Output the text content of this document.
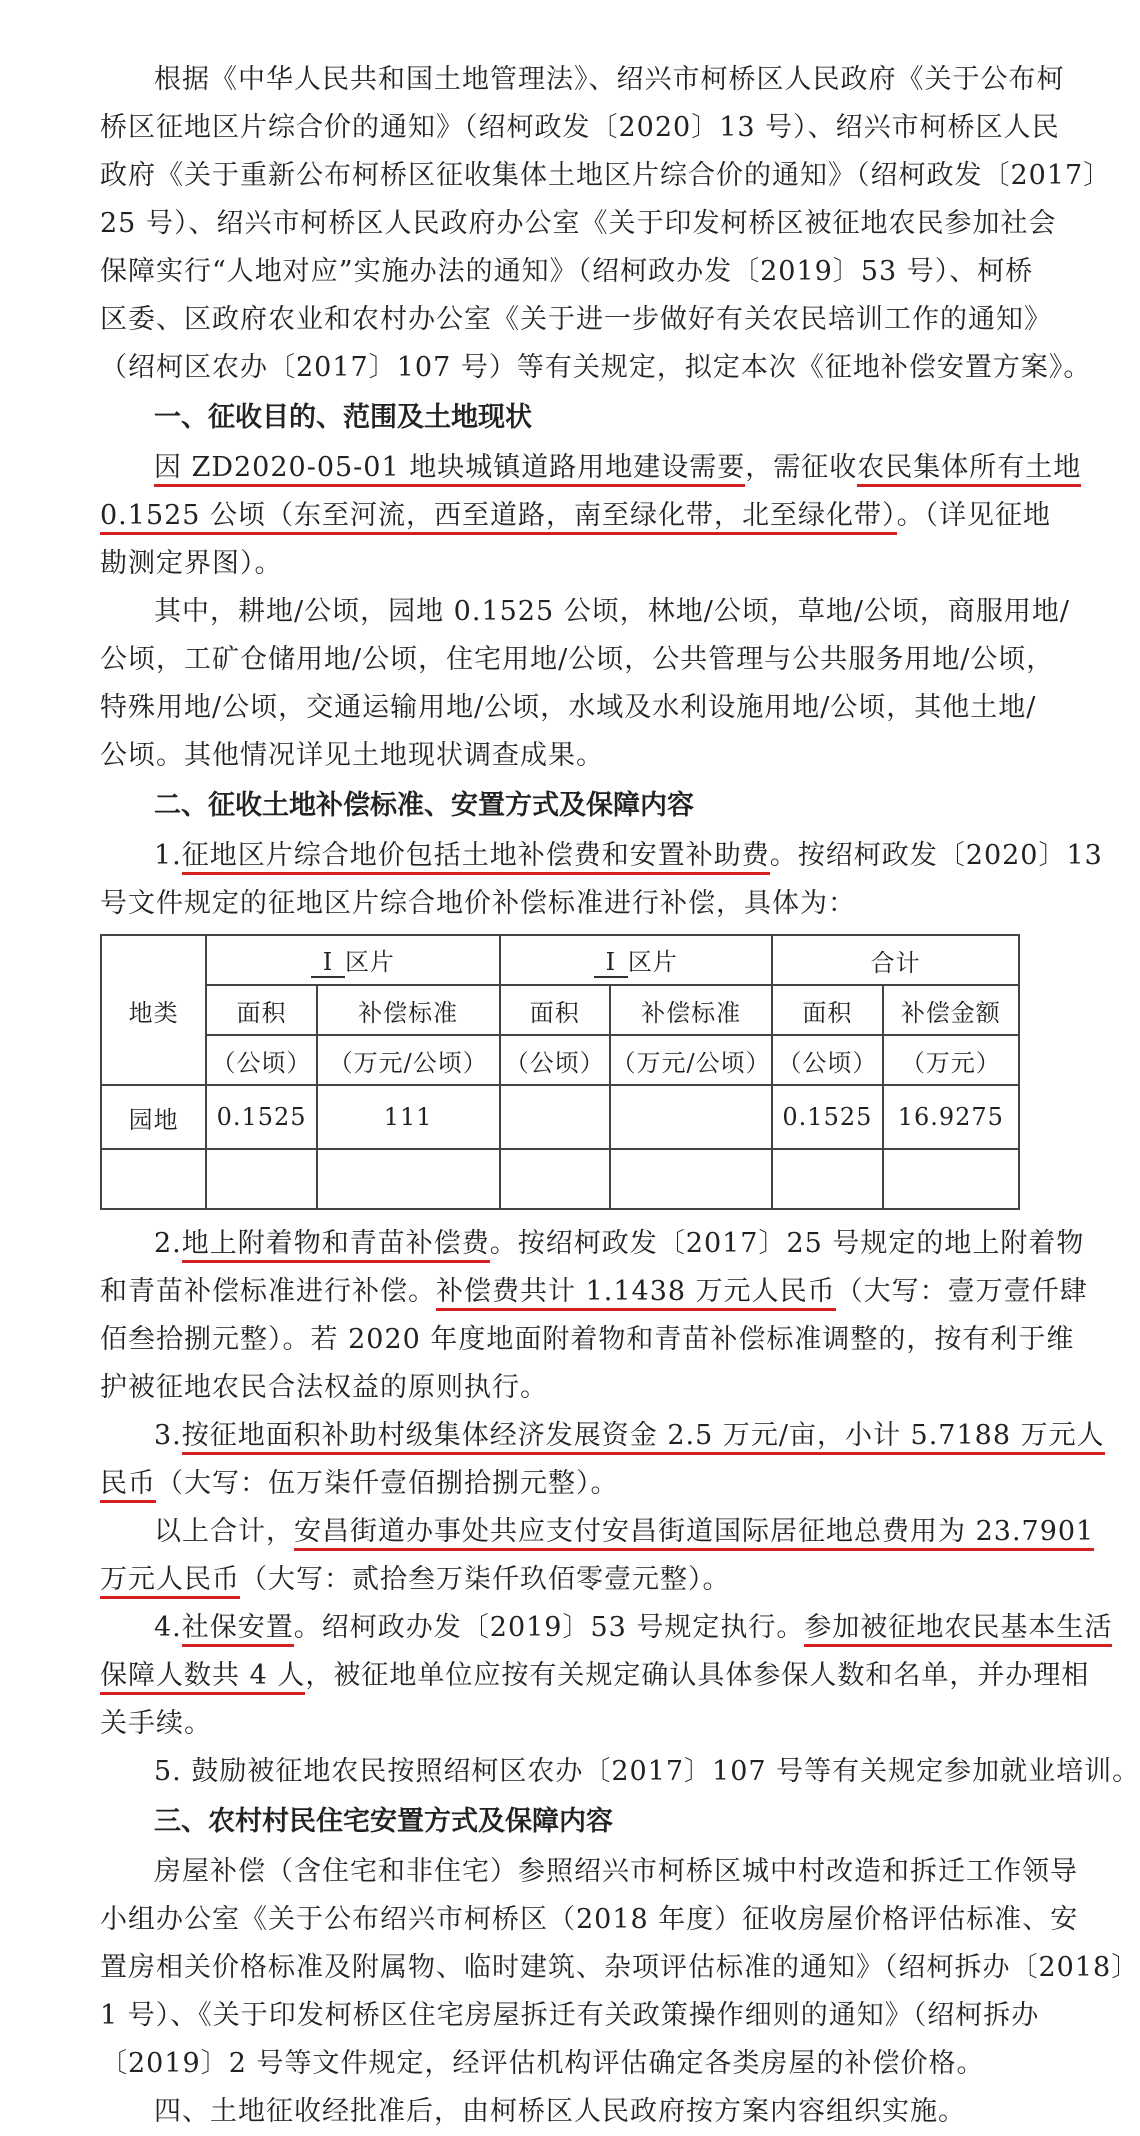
根据《中华人民共和国土地管理法》、绍兴市柯桥区人民政府《关于公布柯

桥区征地区片综合价的通知》（绍柯政发〔2020〕13 号）、绍兴市柯桥区人民

政府《关于重新公布柯桥区征收集体土地区片综合价的通知》（绍柯政发〔2017〕

25 号）、绍兴市柯桥区人民政府办公室《关于印发柯桥区被征地农民参加社会

保障实行“人地对应”实施办法的通知》（绍柯政办发〔2019〕53 号）、柯桥

区委、区政府农业和农村办公室《关于进一步做好有关农民培训工作的通知》

（绍柯区农办〔2017〕107 号）等有关规定，拟定本次《征地补偿安置方案》。

一、征收目的、范围及土地现状

因 ZD2020-05-01 地块城镇道路用地建设需要，需征收农民集体所有土地

0.1525 公顷（东至河流，西至道路，南至绿化带，北至绿化带）。（详见征地

勘测定界图）。

其中，耕地/公顷，园地 0.1525 公顷，林地/公顷，草地/公顷，商服用地/

公顷，工矿仓储用地/公顷，住宅用地/公顷，公共管理与公共服务用地/公顷，

特殊用地/公顷，交通运输用地/公顷，水域及水利设施用地/公顷，其他土地/

公顷。其他情况详见土地现状调查成果。

二、征收土地补偿标准、安置方式及保障内容

1.征地区片综合地价包括土地补偿费和安置补助费。按绍柯政发〔2020〕13

号文件规定的征地区片综合地价补偿标准进行补偿，具体为：

地类	I 区片		I 区片		合计	
	面积	补偿标准	面积	补偿标准	面积	补偿金额
	（公顷）	（万元/公顷）	（公顷）	（万元/公顷）	（公顷）	（万元）
园地	0.1525	111			0.1525	16.9275

2.地上附着物和青苗补偿费。按绍柯政发〔2017〕25 号规定的地上附着物

和青苗补偿标准进行补偿。补偿费共计 1.1438 万元人民币（大写：壹万壹仟肆

佰叁拾捌元整）。若 2020 年度地面附着物和青苗补偿标准调整的，按有利于维

护被征地农民合法权益的原则执行。

3.按征地面积补助村级集体经济发展资金 2.5 万元/亩，小计 5.7188 万元人

民币（大写：伍万柒仟壹佰捌拾捌元整）。

以上合计，安昌街道办事处共应支付安昌街道国际居征地总费用为 23.7901

万元人民币（大写：贰拾叁万柒仟玖佰零壹元整）。

4.社保安置。绍柯政办发〔2019〕53 号规定执行。参加被征地农民基本生活

保障人数共 4 人，被征地单位应按有关规定确认具体参保人数和名单，并办理相

关手续。

5. 鼓励被征地农民按照绍柯区农办〔2017〕107 号等有关规定参加就业培训。

三、农村村民住宅安置方式及保障内容

房屋补偿（含住宅和非住宅）参照绍兴市柯桥区城中村改造和拆迁工作领导

小组办公室《关于公布绍兴市柯桥区（2018 年度）征收房屋价格评估标准、安

置房相关价格标准及附属物、临时建筑、杂项评估标准的通知》（绍柯拆办〔2018〕

1 号）、《关于印发柯桥区住宅房屋拆迁有关政策操作细则的通知》（绍柯拆办

〔2019〕2 号等文件规定，经评估机构评估确定各类房屋的补偿价格。

四、土地征收经批准后，由柯桥区人民政府按方案内容组织实施。
